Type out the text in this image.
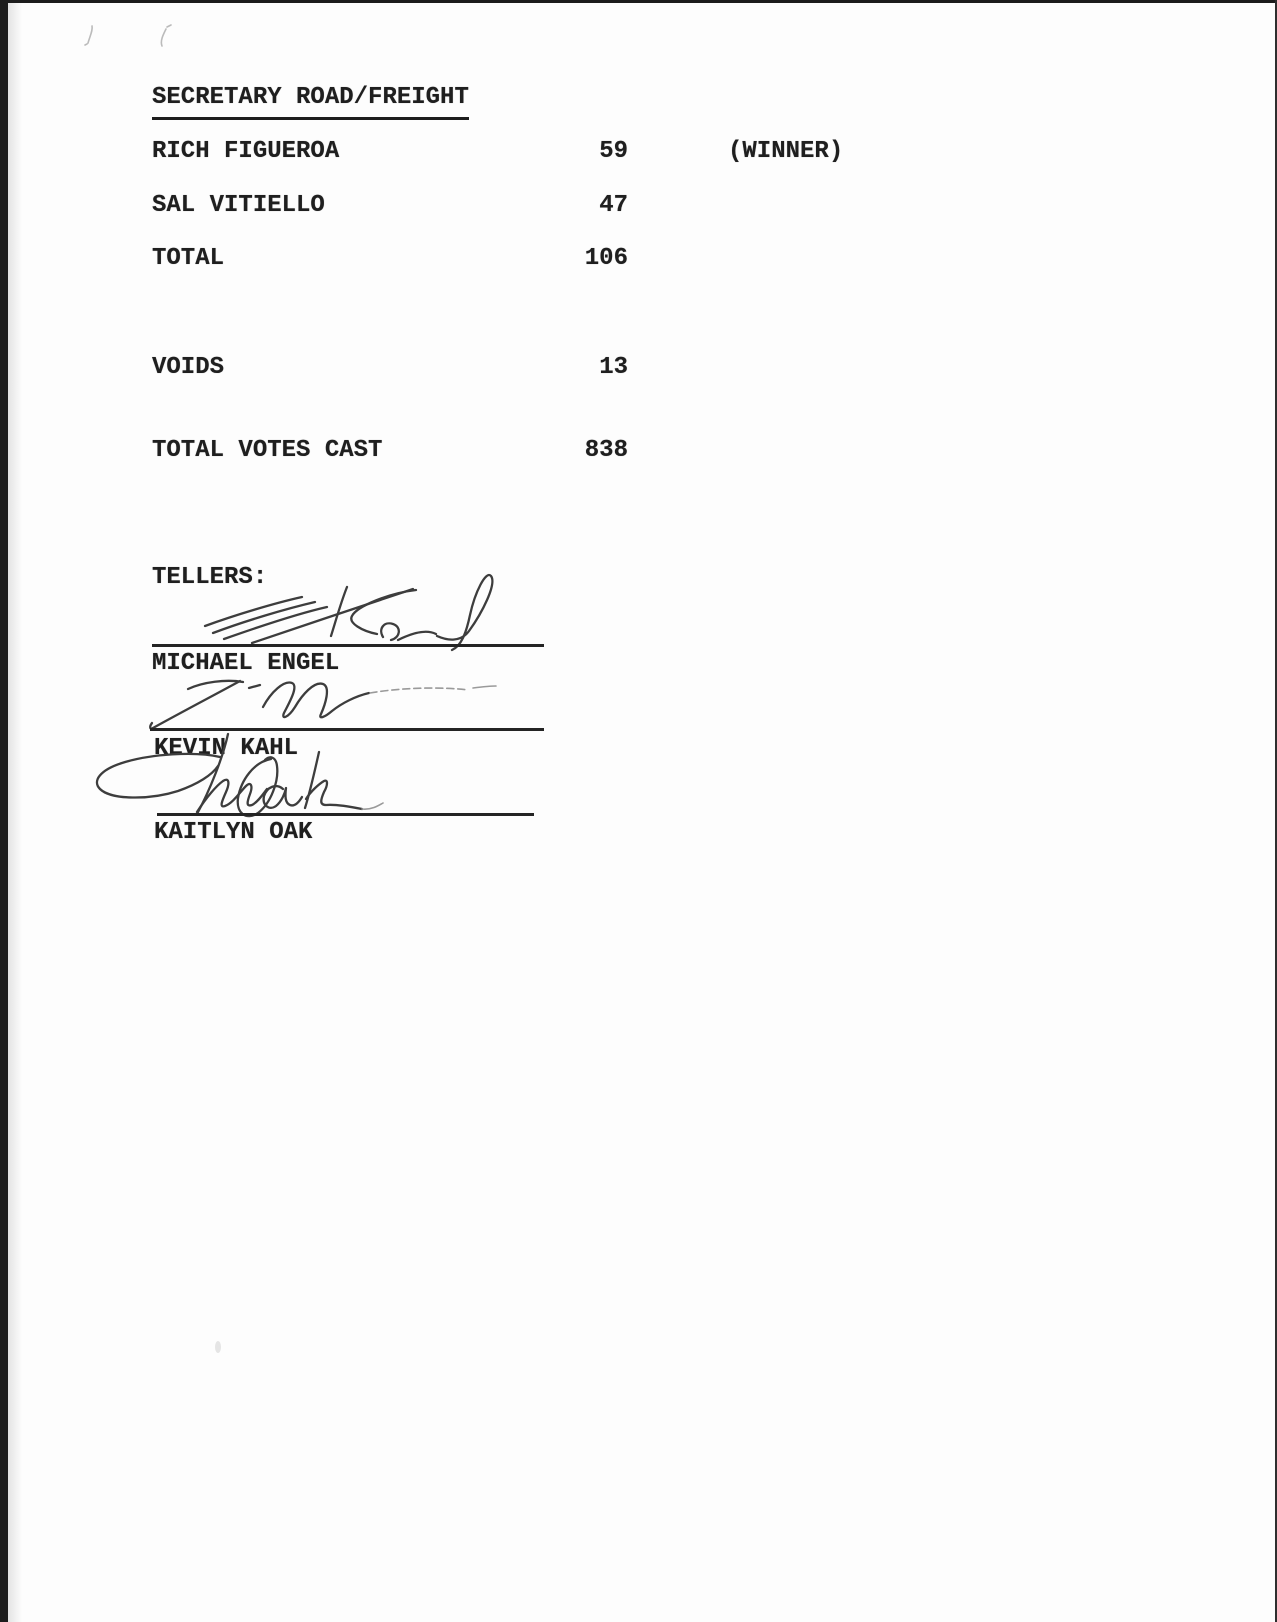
SECRETARY ROAD/FREIGHT
RICH FIGUEROA	59	(WINNER)
SAL VITIELLO	47
TOTAL	106
VOIDS	13
TOTAL VOTES CAST	838
TELLERS:
MICHAEL ENGEL
KEVIN KAHL
KAITLYN OAK
